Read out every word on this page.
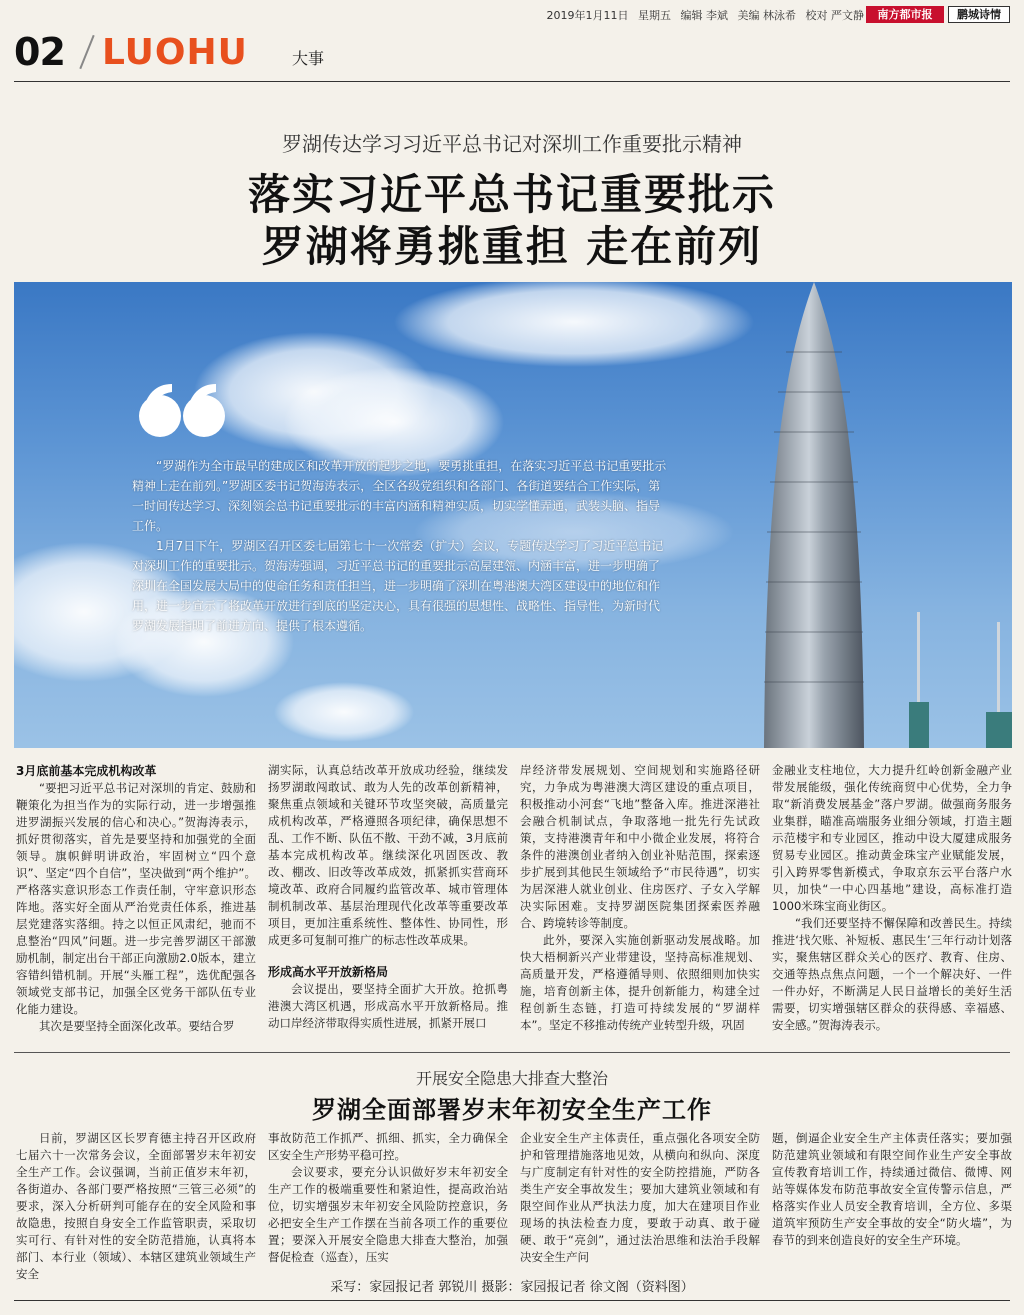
2019年1月11日 星期五 编辑 李斌 美编 林泳希 校对 严文静	南方都市报	鹏城诗情
02 LUOHU	大事
罗湖传达学习习近平总书记对深圳工作重要批示精神
落实习近平总书记重要批示
罗湖将勇挑重担 走在前列

“罗湖作为全市最早的建成区和改革开放的起步之地，要勇挑重担，在落实习近平总书记重要批示精神上走在前列。”罗湖区委书记贺海涛表示，全区各级党组织和各部门、各街道要结合工作实际，第一时间传达学习、深刻领会总书记重要批示的丰富内涵和精神实质，切实学懂弄通，武装头脑、指导工作。

1月7日下午，罗湖区召开区委七届第七十一次常委（扩大）会议，专题传达学习了习近平总书记对深圳工作的重要批示。贺海涛强调，习近平总书记的重要批示高屋建瓴、内涵丰富，进一步明确了深圳在全国发展大局中的使命任务和责任担当，进一步明确了深圳在粤港澳大湾区建设中的地位和作用，进一步宣示了将改革开放进行到底的坚定决心，具有很强的思想性、战略性、指导性，为新时代罗湖发展指明了前进方向、提供了根本遵循。

3月底前基本完成机构改革

“要把习近平总书记对深圳的肯定、鼓励和鞭策化为担当作为的实际行动，进一步增强推进罗湖振兴发展的信心和决心。”贺海涛表示，抓好贯彻落实，首先是要坚持和加强党的全面领导。旗帜鲜明讲政治，牢固树立“四个意识”、坚定“四个自信”，坚决做到“两个维护”。严格落实意识形态工作责任制，守牢意识形态阵地。落实好全面从严治党责任体系，推进基层党建落实落细。持之以恒正风肃纪，驰而不息整治“四风”问题。进一步完善罗湖区干部激励机制，制定出台干部正向激励2.0版本，建立容错纠错机制。开展“头雁工程”，选优配强各领域党支部书记，加强全区党务干部队伍专业化能力建设。

其次是要坚持全面深化改革。要结合罗

湖实际，认真总结改革开放成功经验，继续发扬罗湖敢闯敢试、敢为人先的改革创新精神，聚焦重点领域和关键环节攻坚突破，高质量完成机构改革，严格遵照各项纪律，确保思想不乱、工作不断、队伍不散、干劲不减，3月底前基本完成机构改革。继续深化巩固医改、教改、棚改、旧改等改革成效，抓紧抓实营商环境改革、政府合同履约监管改革、城市管理体制机制改革、基层治理现代化改革等重要改革项目，更加注重系统性、整体性、协同性，形成更多可复制可推广的标志性改革成果。

形成高水平开放新格局

会议提出，要坚持全面扩大开放。抢抓粤港澳大湾区机遇，形成高水平开放新格局。推动口岸经济带取得实质性进展，抓紧开展口

岸经济带发展规划、空间规划和实施路径研究，力争成为粤港澳大湾区建设的重点项目，积极推动小河套“飞地”整备入库。推进深港社会融合机制试点，争取落地一批先行先试政策，支持港澳青年和中小微企业发展，将符合条件的港澳创业者纳入创业补贴范围，探索逐步扩展到其他民生领域给予“市民待遇”，切实为居深港人就业创业、住房医疗、子女入学解决实际困难。支持罗湖医院集团探索医养融合、跨境转诊等制度。

此外，要深入实施创新驱动发展战略。加快大梧桐新兴产业带建设，坚持高标准规划、高质量开发，严格遵循导则、依照细则加快实施，培育创新主体，提升创新能力，构建全过程创新生态链，打造可持续发展的“罗湖样本”。坚定不移推动传统产业转型升级，巩固

金融业支柱地位，大力提升红岭创新金融产业带发展能级，强化传统商贸中心优势，全力争取“新消费发展基金”落户罗湖。做强商务服务业集群，瞄准高端服务业细分领域，打造主题示范楼宇和专业园区，推动中设大厦建成服务贸易专业园区。推动黄金珠宝产业赋能发展，引入跨界零售新模式，争取京东云平台落户水贝，加快“一中心四基地”建设，高标准打造1000米珠宝商业街区。

“我们还要坚持不懈保障和改善民生。持续推进‘找欠账、补短板、惠民生’三年行动计划落实，聚焦辖区群众关心的医疗、教育、住房、交通等热点焦点问题，一个一个解决好、一件一件办好，不断满足人民日益增长的美好生活需要，切实增强辖区群众的获得感、幸福感、安全感。”贺海涛表示。

开展安全隐患大排查大整治
罗湖全面部署岁末年初安全生产工作

日前，罗湖区区长罗育德主持召开区政府七届六十一次常务会议，全面部署岁末年初安全生产工作。会议强调，当前正值岁末年初，各街道办、各部门要严格按照“三管三必须”的要求，深入分析研判可能存在的安全风险和事故隐患，按照自身安全工作监管职责，采取切实可行、有针对性的安全防范措施，认真将本部门、本行业（领域）、本辖区建筑业领域生产安全

事故防范工作抓严、抓细、抓实，全力确保全区安全生产形势平稳可控。

会议要求，要充分认识做好岁末年初安全生产工作的极端重要性和紧迫性，提高政治站位，切实增强岁末年初安全风险防控意识，务必把安全生产工作摆在当前各项工作的重要位置；要深入开展安全隐患大排查大整治，加强督促检查（巡查），压实

企业安全生产主体责任，重点强化各项安全防护和管理措施落地见效，从横向和纵向、深度与广度制定有针对性的安全防控措施，严防各类生产安全事故发生；要加大建筑业领域和有限空间作业从严执法力度，加大在建项目作业现场的执法检查力度，要敢于动真、敢于碰硬、敢于“亮剑”，通过法治思维和法治手段解决安全生产问

题，倒逼企业安全生产主体责任落实；要加强防范建筑业领域和有限空间作业生产安全事故宣传教育培训工作，持续通过微信、微博、网站等媒体发布防范事故安全宣传警示信息，严格落实作业人员安全教育培训，全方位、多渠道筑牢预防生产安全事故的安全“防火墙”，为春节的到来创造良好的安全生产环境。

采写：家园报记者 郭锐川 摄影：家园报记者 徐文阁（资料图）
